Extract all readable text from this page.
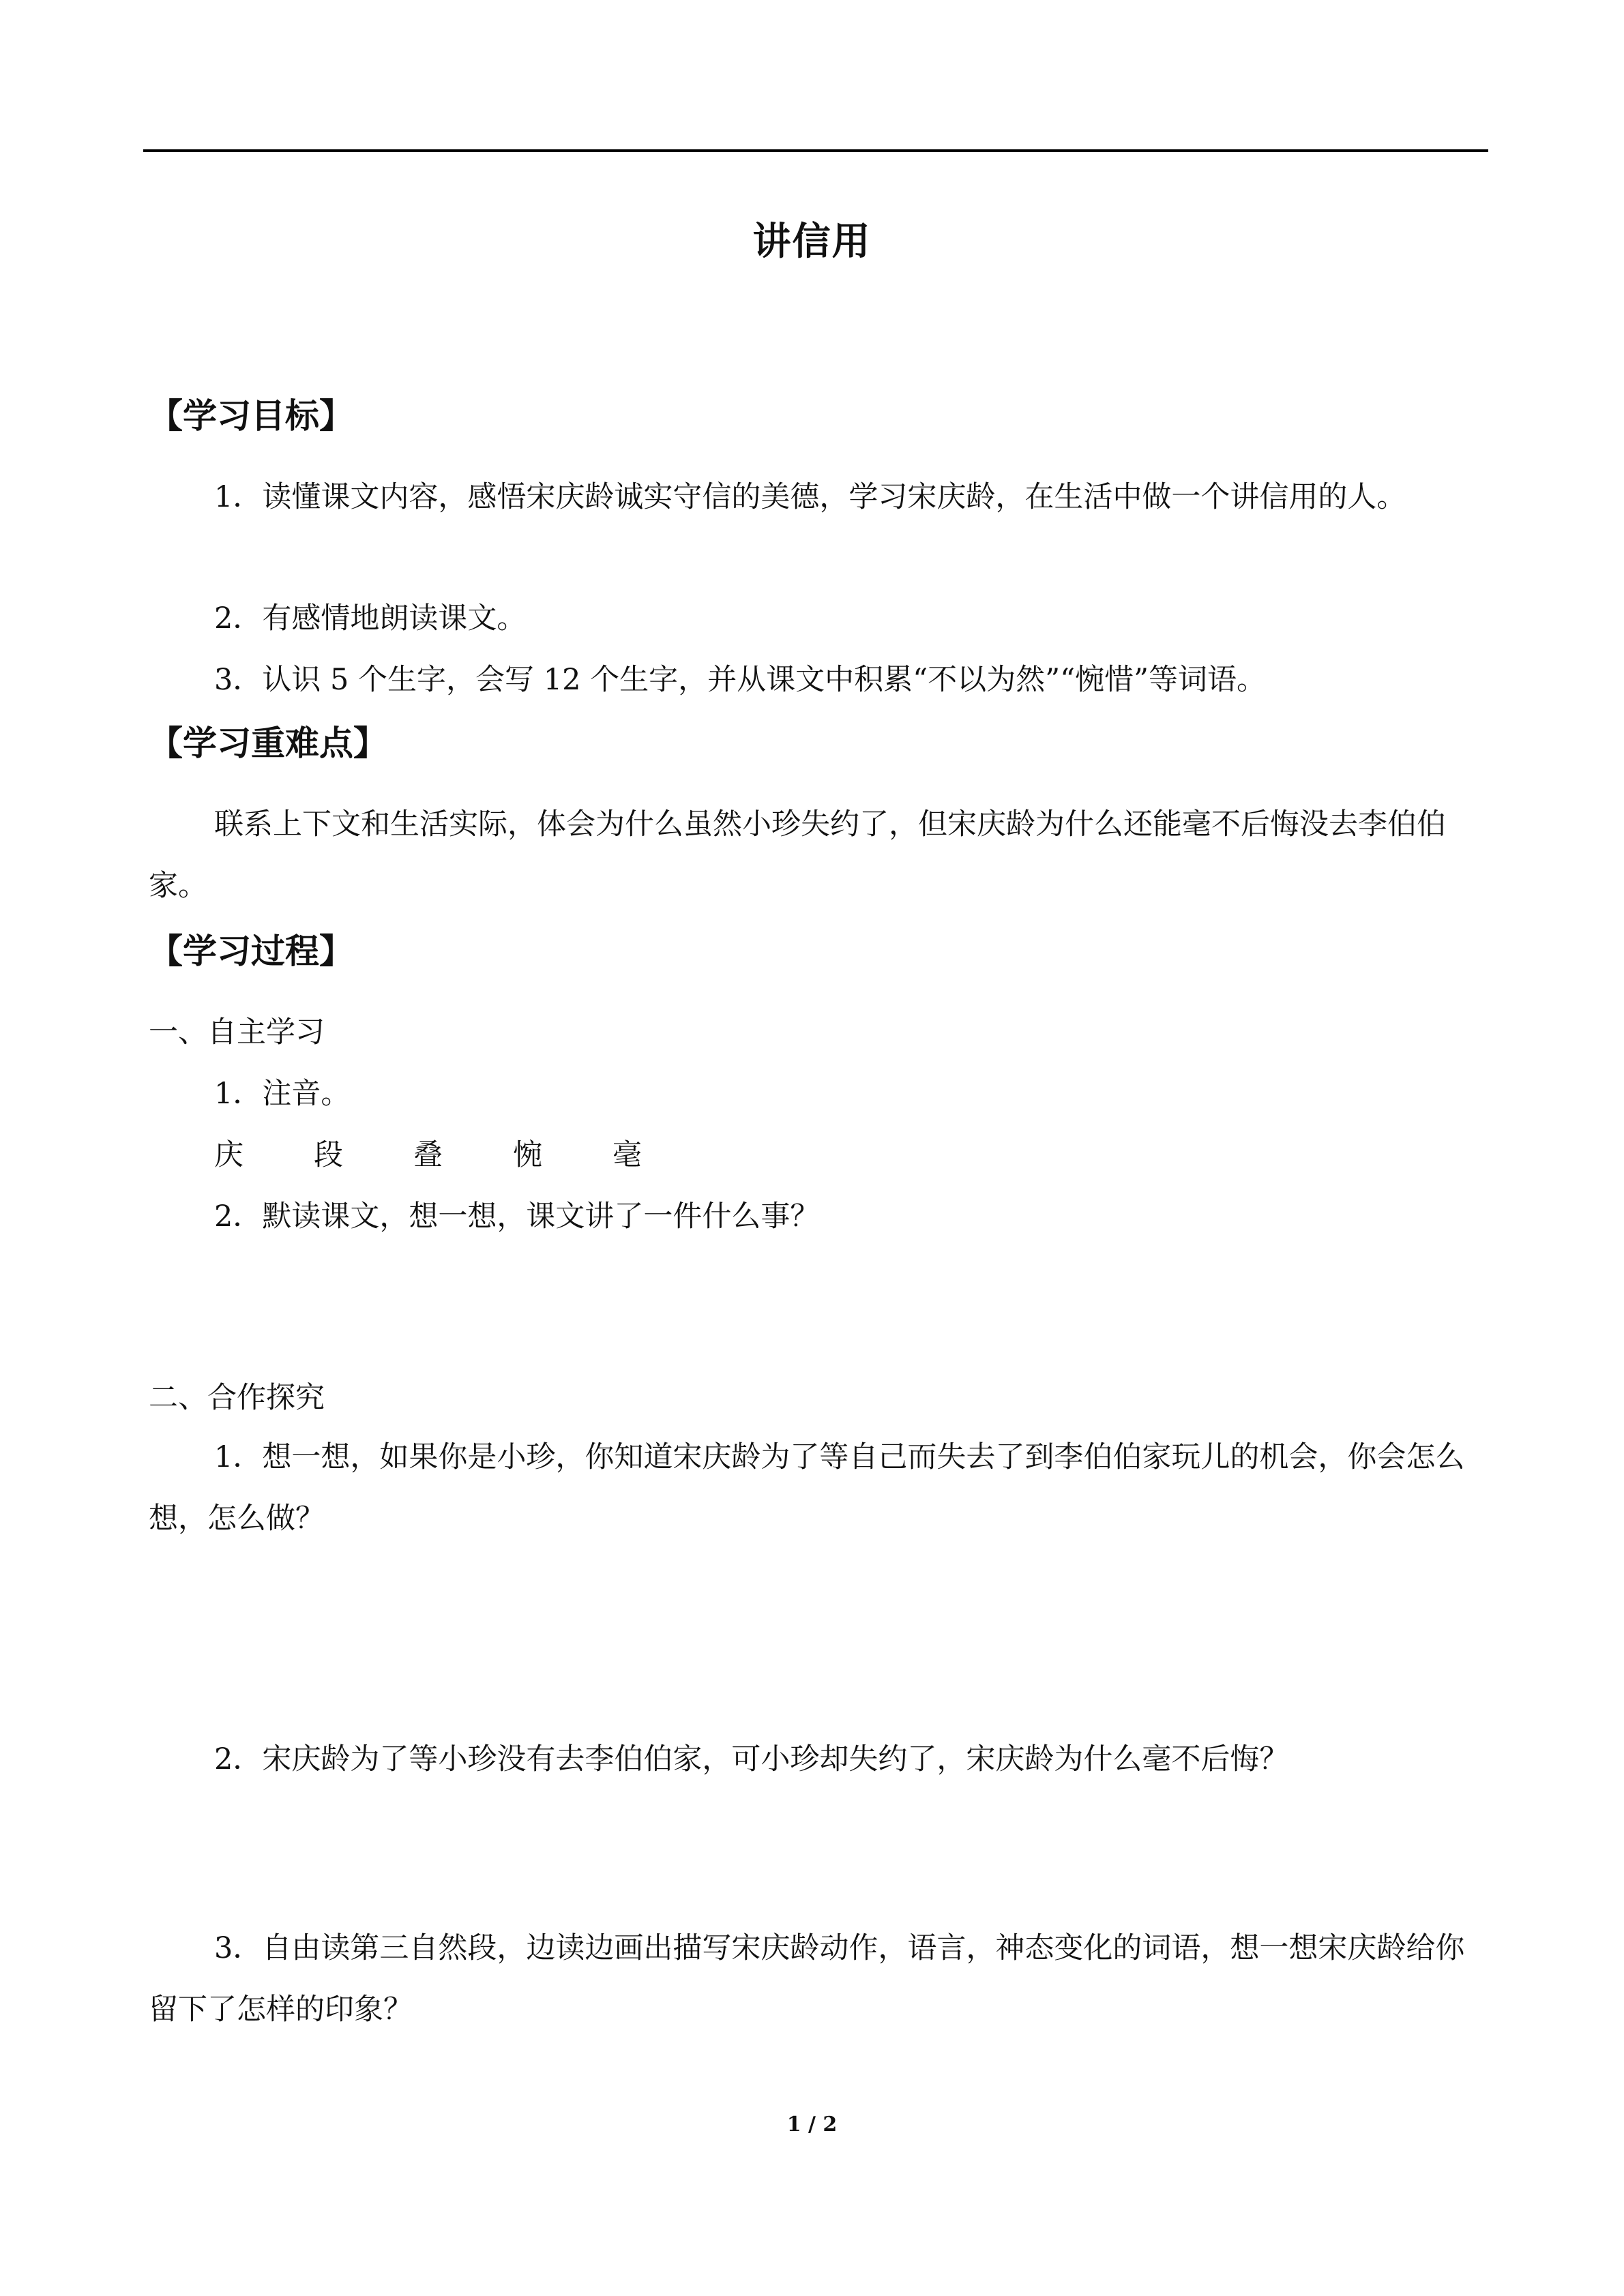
讲信用
【学习目标】

1．读懂课文内容，感悟宋庆龄诚实守信的美德，学习宋庆龄，在生活中做一个讲信用的人。

2．有感情地朗读课文。

3．认识 5 个生字，会写 12 个生字，并从课文中积累“不以为然”“惋惜”等词语。

【学习重难点】

联系上下文和生活实际，体会为什么虽然小珍失约了，但宋庆龄为什么还能毫不后悔没去李伯伯家。

【学习过程】
一、自主学习
1．注音。
庆 段 叠 惋 毫
2．默读课文，想一想，课文讲了一件什么事？
二、合作探究

1．想一想，如果你是小珍，你知道宋庆龄为了等自己而失去了到李伯伯家玩儿的机会，你会怎么想，怎么做？

2．宋庆龄为了等小珍没有去李伯伯家，可小珍却失约了，宋庆龄为什么毫不后悔？

3．自由读第三自然段，边读边画出描写宋庆龄动作，语言，神态变化的词语，想一想宋庆龄给你留下了怎样的印象？

1 / 2
